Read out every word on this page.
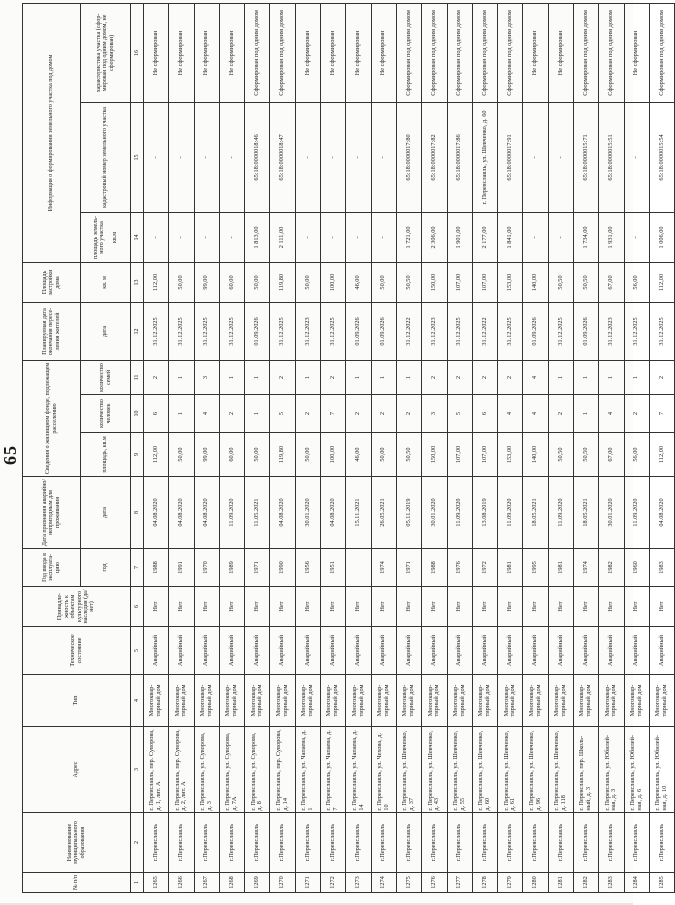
65
№ п/п	Наименование муниципального образования	Адрес	Тип	Техническое состояние	Принадлежность к объектам культурного наследия (да/нет)	Год ввода в эксплуатацию	Дата признания аварийно/непригодным для проживания	Сведения о жилищном фонде, подлежащем расселению			Планируемая дата окончания переселения жителей	Площадь застройки дома	Информация о формировании земельного участка под домом		
						год	дата	площадь, кв.м	количество человек	количество семей	дата	кв. м	площадь земельного участка кв.м	кадастровый номер земельного участка	характеристика участка (сформирован под одним домом, не сформирован)
1	2	3	4	5	6	7	8	9	10	11	12	13	14	15	16
1265	г.Переяславль	г. Переяславль, пер. Суворова, д. 1, лит. А	Многоквартирный дом	Аварийный	Нет	1988	04.08.2020	112,00	6	2	31.12.2025	112,00	-	-	Не сформирован
1266	г.Переяславль	г. Переяславль, пер. Суворова, д. 2, лит. А	Многоквартирный дом	Аварийный	Нет	1991	04.08.2020	50,00	1	1	31.12.2025	50,00	-	-	Не сформирован
1267	г.Переяславль	г. Переяславль, ул. Суворова, д. 3	Многоквартирный дом	Аварийный	Нет	1970	04.08.2020	99,00	4	3	31.12.2025	99,00	-	-	Не сформирован
1268	г.Переяславль	г. Переяславль, ул. Суворова, д. 7А	Многоквартирный дом	Аварийный	Нет	1989	11.09.2020	60,00	2	1	31.12.2025	60,00	-	-	Не сформирован
1269	г.Переяславль	г. Переяславль, ул. Суворова, д. 8	Многоквартирный дом	Аварийный	Нет	1971	11.05.2021	50,00	1	1	01.09.2026	50,00	1 813,00	65:18:0000018:46	Сформирован под одним домом
1270	г.Переяславль	г. Переяславль, пер. Суворова, д. 14	Многоквартирный дом	Аварийный	Нет	1990	04.08.2020	119,80	5	2	31.12.2025	119,80	2 111,00	65:18:0000018:47	Сформирован под одним домом
1271	г.Переяславль	г. Переяславль, ул. Чапаева, д. 1	Многоквартирный дом	Аварийный	Нет	1956	30.01.2020	50,00	2	1	31.12.2023	50,00	-	-	Не сформирован
1272	г.Переяславль	г. Переяславль, ул. Чапаева, д. 7	Многоквартирный дом	Аварийный	Нет	1951	04.08.2020	100,00	7	2	31.12.2025	100,00	-	-	Не сформирован
1273	г.Переяславль	г. Переяславль, ул. Чапаева, д. 14	Многоквартирный дом	Аварийный	Нет		15.11.2021	46,00	2	1	01.09.2026	46,00	-	-	Не сформирован
1274	г.Переяславль	г. Переяславль, ул. Чехова, д. 10	Многоквартирный дом	Аварийный	Нет	1974	26.05.2021	50,00	2	1	01.09.2026	50,00	-	-	Не сформирован
1275	г.Переяславль	г. Переяславль, ул. Шевченко, д. 37	Многоквартирный дом	Аварийный	Нет	1971	05.11.2019	50,50	2	1	31.12.2022	50,50	1 721,00	65:18:0000017:80	Сформирован под одним домом
1276	г.Переяславль	г. Переяславль, ул. Шевченко, д. 43	Многоквартирный дом	Аварийный	Нет	1988	30.01.2020	150,00	3	2	31.12.2023	150,00	2 306,00	65:18:0000017:82	Сформирован под одним домом
1277	г.Переяславль	г. Переяславль, ул. Шевченко, д. 55	Многоквартирный дом	Аварийный	Нет	1976	11.09.2020	107,00	5	2	31.12.2025	107,00	1 901,00	65:18:0000017:86	Сформирован под одним домом
1278	г.Переяславль	г. Переяславль, ул. Шевченко, д. 60	Многоквартирный дом	Аварийный	Нет	1972	13.08.2019	107,00	6	2	31.12.2022	107,00	2 177,00	г. Переяславль, ул. Шевченко, д. 60	Сформирован под одним домом
1279	г.Переяславль	г. Переяславль, ул. Шевченко, д. 61	Многоквартирный дом	Аварийный	Нет	1981	11.09.2020	153,00	4	2	31.12.2025	153,00	1 841,00	65:18:0000017:91	Сформирован под одним домом
1280	г.Переяславль	г. Переяславль, ул. Шевченко, д. 96	Многоквартирный дом	Аварийный	Нет	1995	18.05.2021	140,00	4	4	01.09.2026	140,00	-	-	Не сформирован
1281	г.Переяславль	г. Переяславль, ул. Шевченко, д. 118	Многоквартирный дом	Аварийный	Нет	1981	11.09.2020	50,50	2	1	31.12.2025	50,50	-	-	Не сформирован
1282	г.Переяславль	г. Переяславль, пер. Школьный, д. 3	Многоквартирный дом	Аварийный	Нет	1974	18.05.2021	50,50	1	1	01.09.2026	50,50	1 734,00	65:18:0000015:71	Сформирован под одним домом
1283	г.Переяславль	г. Переяславль, ул. Юбилейная, д. 3	Многоквартирный дом	Аварийный	Нет	1982	30.01.2020	67,00	4	1	31.12.2023	67,00	1 931,00	65:18:0000015:51	Сформирован под одним домом
1284	г.Переяславль	г. Переяславль, ул. Юбилейная, д. 6	Многоквартирный дом	Аварийный	Нет	1960	11.09.2020	56,00	2	1	31.12.2025	56,00	-	-	Не сформирован
1285	г.Переяславль	г. Переяславль, ул. Юбилейная, д. 10	Многоквартирный дом	Аварийный	Нет	1983	04.08.2020	112,00	7	2	31.12.2025	112,00	1 006,00	65:18:0000015:54	Сформирован под одним домом
